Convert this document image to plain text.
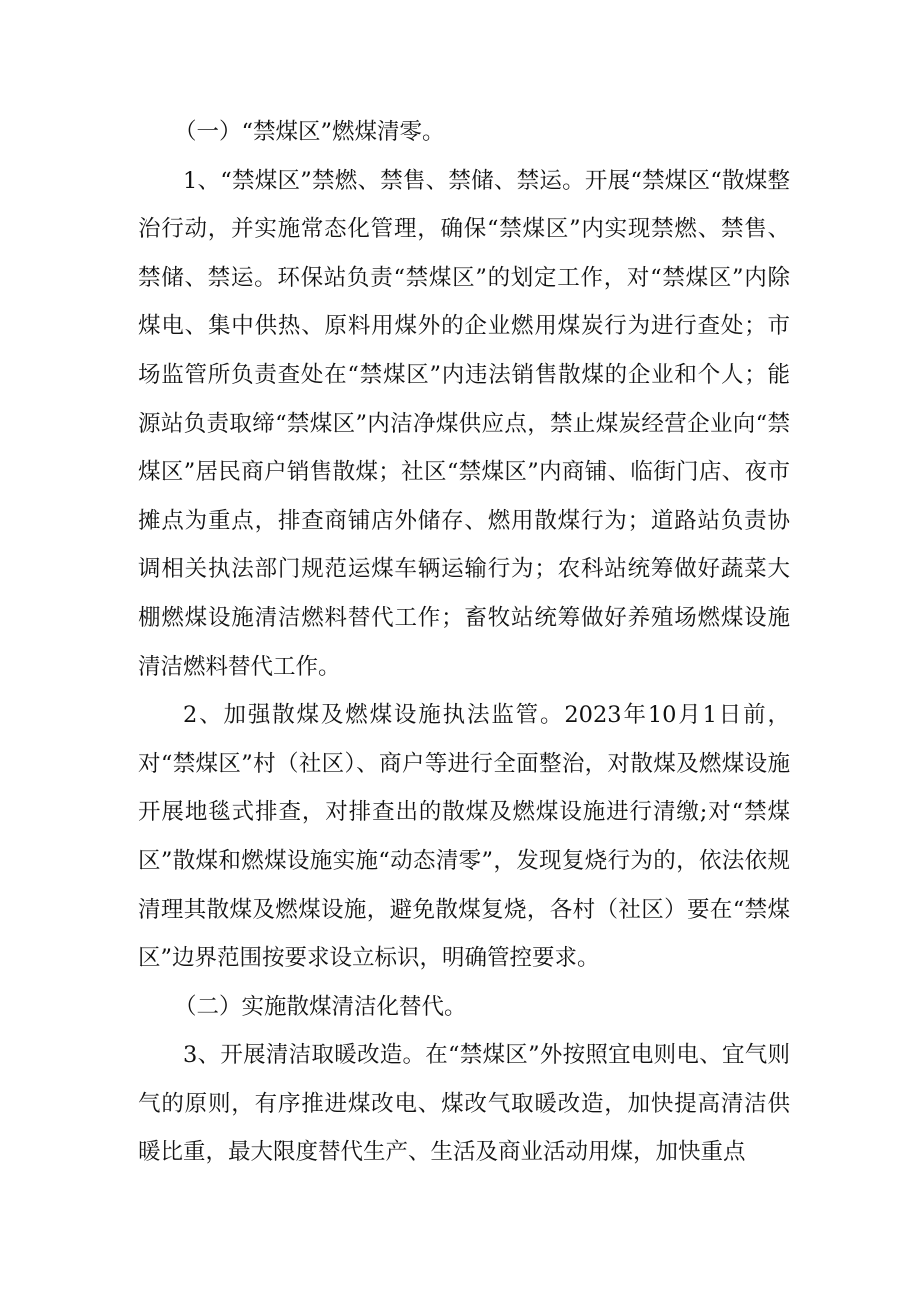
（一）“禁煤区”燃煤清零。

1、“禁煤区”禁燃、禁售、禁储、禁运。开展“禁煤区“散煤整治行动，并实施常态化管理，确保“禁煤区”内实现禁燃、禁售、禁储、禁运。环保站负责“禁煤区”的划定工作，对“禁煤区”内除煤电、集中供热、原料用煤外的企业燃用煤炭行为进行查处；市场监管所负责查处在“禁煤区”内违法销售散煤的企业和个人；能源站负责取缔“禁煤区”内洁净煤供应点，禁止煤炭经营企业向“禁煤区”居民商户销售散煤；社区“禁煤区”内商铺、临街门店、夜市摊点为重点，排查商铺店外储存、燃用散煤行为；道路站负责协调相关执法部门规范运煤车辆运输行为；农科站统筹做好蔬菜大棚燃煤设施清洁燃料替代工作；畜牧站统筹做好养殖场燃煤设施清洁燃料替代工作。

2、加强散煤及燃煤设施执法监管。2023年10月1日前，对“禁煤区”村（社区）、商户等进行全面整治，对散煤及燃煤设施开展地毯式排查，对排查出的散煤及燃煤设施进行清缴;对“禁煤区”散煤和燃煤设施实施“动态清零”，发现复烧行为的，依法依规清理其散煤及燃煤设施，避免散煤复烧，各村（社区）要在“禁煤区”边界范围按要求设立标识，明确管控要求。

（二）实施散煤清洁化替代。

3、开展清洁取暖改造。在“禁煤区”外按照宜电则电、宜气则气的原则，有序推进煤改电、煤改气取暖改造，加快提高清洁供暖比重，最大限度替代生产、生活及商业活动用煤，加快重点
